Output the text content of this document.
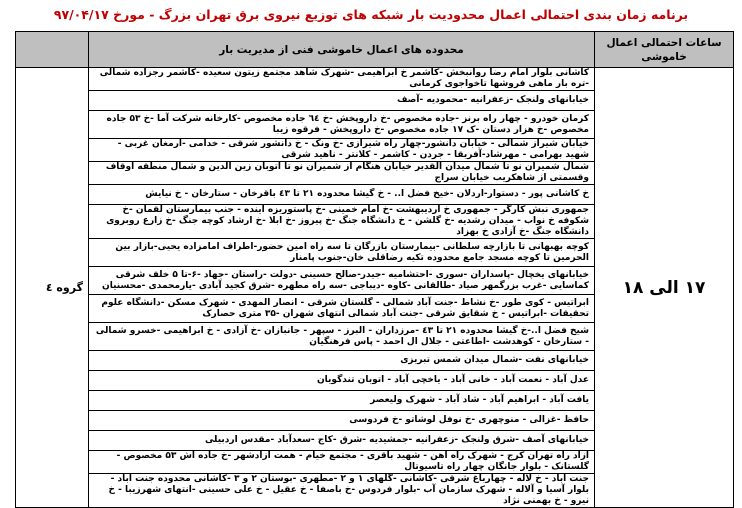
برنامه زمان بندی احتمالی اعمال محدودیت بار شبکه های توزیع نیروی برق تهران بزرگ - مورخ ۹۷/۰۴/۱۷
ساعات احتمالی اعمال خاموشی	محدوده های اعمال خاموشی فنی از مدیریت بار	
۱۷ الی ۱۸	کاشانی بلوار امام رضا روانبخش -کاشمر خ ابراهیمی -شهرک شاهد مجتمع زیتون سعیده -کاشمر رجزاده شمالی -تره بار ماهی فروشها تاخواجوی کرمانی	گروه ٤
	خیابانهای ولنجک -زعفرانیه -محمودیه -آصف	
	کرمان خودرو - چهار راه برنز -جاده مخصوص -خ داروپخش -خ ٦٤ جاده مخصوص -کارخانه شرکت آما -خ ۵۳ جاده مخصوص -خ هزار دستان -ک ١٧ جاده مخصوص -خ داروپخش - فرقوه زیبا	
	خیابان شیراز شمالی - خیابان دانشور-چهار راه شیرازی -خ ونک - خ دانشور شرقی - خدامی -ارمغان غربی - شهید بهرامی - مهرشاد-آفریقا - جردن - کاشمر - کلانتر - ناهید شرقی	
	شمال شمیران نو تا شمال میدان القدیر خیابان هنگام از شمیران نو تا اتوبان زین الدین و شمال منطقه اوقاف وقسمتی از شاهکریب خیابان سراج	
	خ کاشانی پور - دستوار-اردلان -خیخ فضل ا.. - خ گیشا محدوده ۲۱ تا ٤۳ باقرخان - ستارخان - خ نیایش	
	جمهوری نبش کارگر - جمهوری خ اردیبهشت -خ امام خمینی -خ پاستوریزه آینده - جنب بیمارستان لقمان -خ شکوفه خ نواب - میدان رشدیه -خ گلشن - خ دانشگاه جنگ -خ پیروز -خ ابلا -خ ارشاد کوچه جنگ -خ زارع روبروی دانشگاه جنگ -خ آزادی خ بهزاد	
	کوچه بهبهانی تا بازارچه سلطانی -بیمارستان بازرگان تا سه راه امین حضور-اطراف امامزاده یحیی-بازار بین الحرمین تا کوچه مسجد جامع محدوده تکیه رضاقلی خان-جنوب پامنار	
	خیابانهای یخچال -پاسداران -سوری -احتشامیه -جیدر-صالح حسینی -دولت -راستان -جهاد -۶-تا ۵ خلف شرقی کماسایی -غرب بزرگمهر صیاد -طالقانی -کاوه -دیباجی -سه راه مطهره -شرق کجید آبادی -یارمحمدی -محسنیان	
	ابراتیس - کوی طور -خ نشاط -جنت آباد شمالی - گلستان شرقی - انصار المهدی - شهرک مسکن -دانشگاه علوم تحقیقات -ابراتیس - خ شقایق شرقی -جنت آباد شمالی انتهای شهران -۳۵ متری حصارک	
	شیخ فضل ا..-خ گیشا محدوده ۲۱ تا ٤۳ -مرزداران - البرز - سپهر - جانبازان -خ آزادی - خ ابراهیمی -خسرو شمالی - ستارخان - کوهدشت -اطاعتی - جلال ال احمد - پاس فرهنگیان	
	خیابانهای نفت -شمال میدان شمس تبریزی	
	عدل آباد - نعمت آباد - خانی آباد - یاخچی آباد - اتوبان تندگویان	
	یافت آباد - ابراهیم آباد - شاد آباد - شهرک ولیعصر	
	حافظ -غزالی - منوچهری -خ نوفل لوشاتو -خ فردوسی	
	خیابانهای آصف -شرق ولنجک -زعفرانیه -جمشیدیه -شرق -کاج -سعدآباد -مقدس اردبیلی	
	آزاد راه تهران کرج - شهرک راه آهن - شهید باقری - مجتمع خیام - همت آزادشهر -خ جاده اش ۵۳ مخصوص - گلستانک - بلوار جانگان چهار راه تاسیوتال	
	جنت آباد - خ لاله - چهارباغ شرقی -کاشانی -گلهای ۱ و ۲ -مطهری -بوستان ۲ و ۳ -کاشانی محدوده جنت آباد - بلوار آسیا و آلاله - شهرک سازمان آب -بلوار فردوس -خ باصفا - خ عقیل - خ علی حسینی -انتهای شهرزیبا - خ نیرو - خ بهمنی نژاد	
